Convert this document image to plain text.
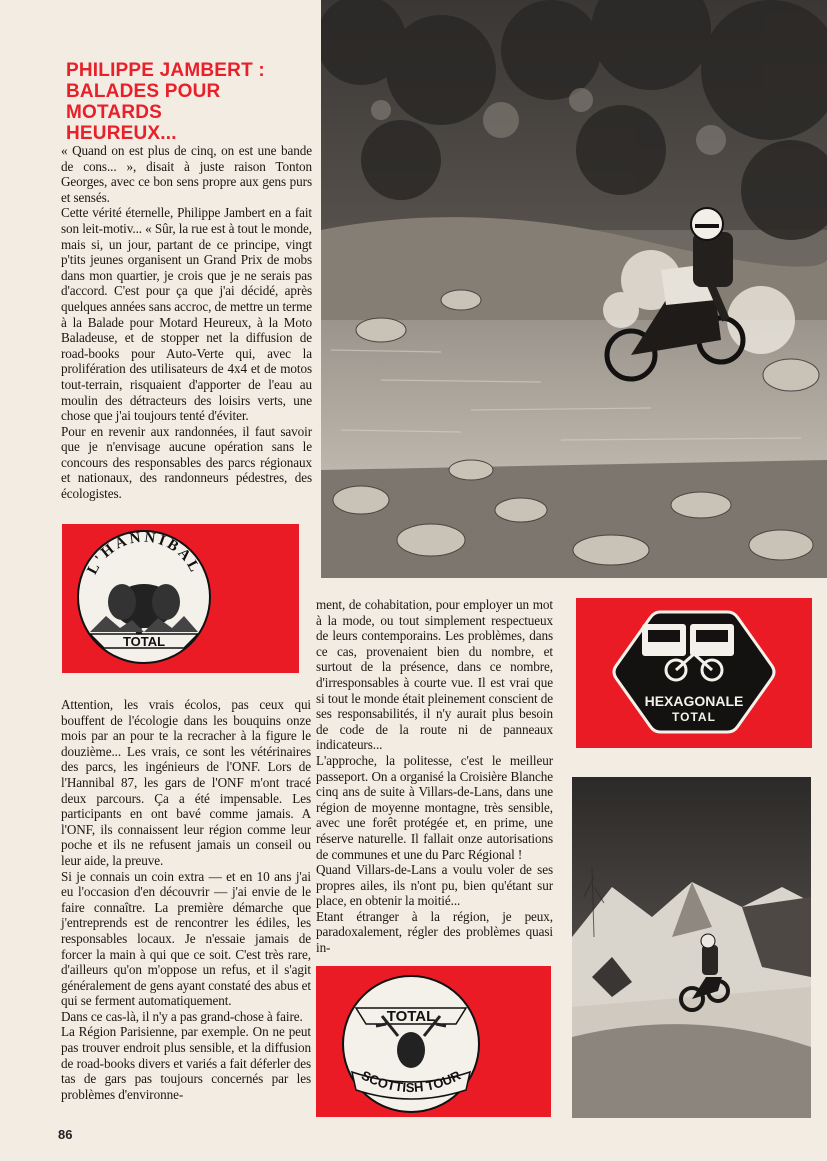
PHILIPPE JAMBERT :
BALADES POUR
MOTARDS
HEUREUX...

« Quand on est plus de cinq, on est une bande de cons... », disait à juste raison Tonton Georges, avec ce bon sens propre aux gens purs et sensés.

Cette vérité éternelle, Philippe Jambert en a fait son leit-motiv... « Sûr, la rue est à tout le monde, mais si, un jour, partant de ce principe, vingt p'tits jeunes organisent un Grand Prix de mobs dans mon quartier, je crois que je ne serais pas d'accord. C'est pour ça que j'ai décidé, après quelques années sans accroc, de mettre un terme à la Balade pour Motard Heureux, à la Moto Baladeuse, et de stopper net la diffusion de road-books pour Auto-Verte qui, avec la prolifération des utilisateurs de 4x4 et de motos tout-terrain, risquaient d'apporter de l'eau au moulin des détracteurs des loisirs verts, une chose que j'ai toujours tenté d'éviter.

Pour en revenir aux randonnées, il faut savoir que je n'envisage aucune opération sans le concours des responsables des parcs régionaux et nationaux, des randonneurs pédestres, des écologistes.

L'HANNIBAL
TOTAL

Attention, les vrais écolos, pas ceux qui bouffent de l'écologie dans les bouquins onze mois par an pour te la recracher à la figure le douzième... Les vrais, ce sont les vétérinaires des parcs, les ingénieurs de l'ONF. Lors de l'Hannibal 87, les gars de l'ONF m'ont tracé deux parcours. Ça a été impensable. Les participants en ont bavé comme jamais. A l'ONF, ils connaissent leur région comme leur poche et ils ne refusent jamais un conseil ou leur aide, la preuve.

Si je connais un coin extra — et en 10 ans j'ai eu l'occasion d'en découvrir — j'ai envie de le faire connaître. La première démarche que j'entreprends est de rencontrer les édiles, les responsables locaux. Je n'essaie jamais de forcer la main à qui que ce soit. C'est très rare, d'ailleurs qu'on m'oppose un refus, et il s'agit généralement de gens ayant constaté des abus et qui se ferment automatiquement.

Dans ce cas-là, il n'y a pas grand-chose à faire.

La Région Parisienne, par exemple. On ne peut pas trouver endroit plus sensible, et la diffusion de road-books divers et variés a fait déferler des tas de gars pas toujours concernés par les problèmes d'environne-

ment, de cohabitation, pour employer un mot à la mode, ou tout simplement respectueux de leurs contemporains. Les problèmes, dans ce cas, provenaient bien du nombre, et surtout de la présence, dans ce nombre, d'irresponsables à courte vue. Il est vrai que si tout le monde était pleinement conscient de ses responsabilités, il n'y aurait plus besoin de code de la route ni de panneaux indicateurs...

L'approche, la politesse, c'est le meilleur passeport. On a organisé la Croisière Blanche cinq ans de suite à Villars-de-Lans, dans une région de moyenne montagne, très sensible, avec une forêt protégée et, en prime, une réserve naturelle. Il fallait onze autorisations de communes et une du Parc Régional !

Quand Villars-de-Lans a voulu voler de ses propres ailes, ils n'ont pu, bien qu'étant sur place, en obtenir la moitié...

Etant étranger à la région, je peux, paradoxalement, régler des problèmes quasi in-

HEXAGONALE
TOTAL
TOTAL
SCOTTISH TOUR
86
